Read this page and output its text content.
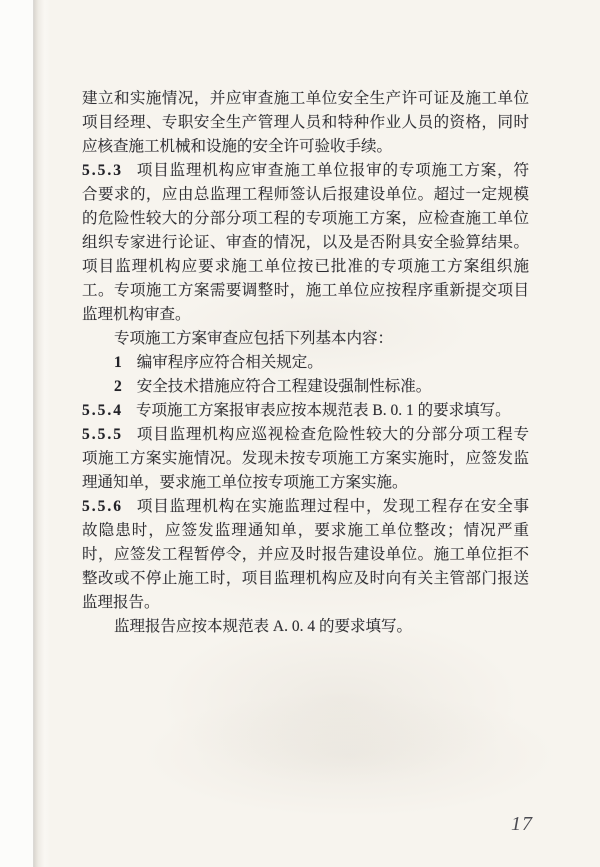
建立和实施情况，并应审查施工单位安全生产许可证及施工单位
项目经理、专职安全生产管理人员和特种作业人员的资格，同时
应核查施工机械和设施的安全许可验收手续。
5.5.3 项目监理机构应审查施工单位报审的专项施工方案，符
合要求的，应由总监理工程师签认后报建设单位。超过一定规模
的危险性较大的分部分项工程的专项施工方案，应检查施工单位
组织专家进行论证、审查的情况，以及是否附具安全验算结果。
项目监理机构应要求施工单位按已批准的专项施工方案组织施
工。专项施工方案需要调整时，施工单位应按程序重新提交项目
监理机构审查。
专项施工方案审查应包括下列基本内容：
1 编审程序应符合相关规定。
2 安全技术措施应符合工程建设强制性标准。
5.5.4 专项施工方案报审表应按本规范表 B. 0. 1 的要求填写。
5.5.5 项目监理机构应巡视检查危险性较大的分部分项工程专
项施工方案实施情况。发现未按专项施工方案实施时，应签发监
理通知单，要求施工单位按专项施工方案实施。
5.5.6 项目监理机构在实施监理过程中，发现工程存在安全事
故隐患时，应签发监理通知单，要求施工单位整改；情况严重
时，应签发工程暂停令，并应及时报告建设单位。施工单位拒不
整改或不停止施工时，项目监理机构应及时向有关主管部门报送
监理报告。
监理报告应按本规范表 A. 0. 4 的要求填写。
17
